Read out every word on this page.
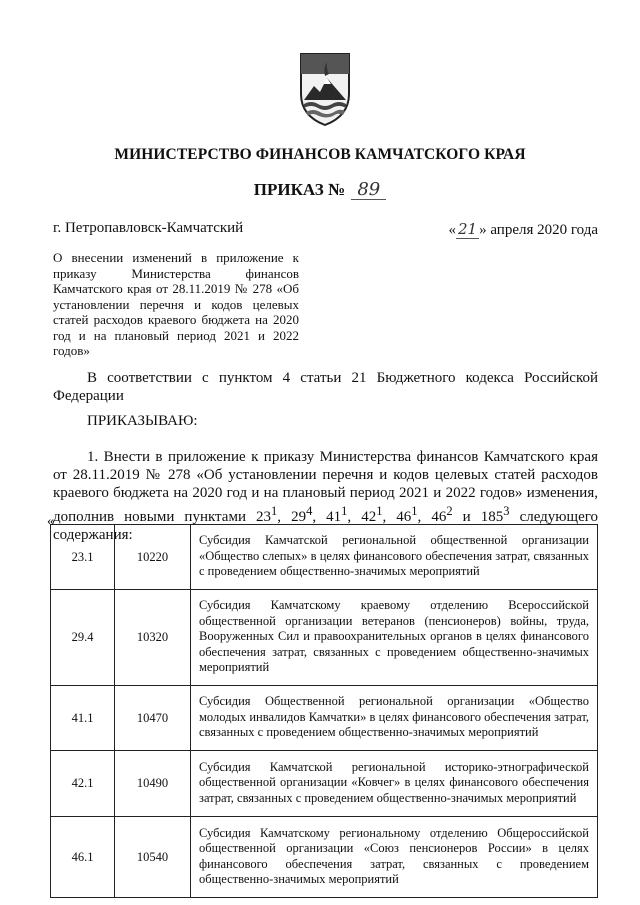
МИНИСТЕРСТВО ФИНАНСОВ КАМЧАТСКОГО КРАЯ
ПРИКАЗ № 89
г. Петропавловск-Камчатский	« 21 » апреля 2020 года
О внесении изменений в приложение к приказу Министерства финансов Камчатского края от 28.11.2019 № 278 «Об установлении перечня и кодов целевых статей расходов краевого бюджета на 2020 год и на плановый период 2021 и 2022 годов»
В соответствии с пунктом 4 статьи 21 Бюджетного кодекса Российской Федерации
ПРИКАЗЫВАЮ:
1. Внести в приложение к приказу Министерства финансов Камчатского края от 28.11.2019 № 278 «Об установлении перечня и кодов целевых статей расходов краевого бюджета на 2020 год и на плановый период 2021 и 2022 годов» изменения, дополнив новыми пунктами $23^1$, $29^4$, $41^1$, $42^1$, $46^1$, $46^2$ и $185^3$ следующего содержания:
«
23.1	10220	Субсидия Камчатской региональной общественной организации «Общество слепых» в целях финансового обеспечения затрат, связанных с проведением общественно-значимых мероприятий
29.4	10320	Субсидия Камчатскому краевому отделению Всероссийской общественной организации ветеранов (пенсионеров) войны, труда, Вооруженных Сил и правоохранительных органов в целях финансового обеспечения затрат, связанных с проведением общественно-значимых мероприятий
41.1	10470	Субсидия Общественной региональной организации «Общество молодых инвалидов Камчатки» в целях финансового обеспечения затрат, связанных с проведением общественно-значимых мероприятий
42.1	10490	Субсидия Камчатской региональной историко-этнографической общественной организации «Ковчег» в целях финансового обеспечения затрат, связанных с проведением общественно-значимых мероприятий
46.1	10540	Субсидия Камчатскому региональному отделению Общероссийской общественной организации «Союз пенсионеров России» в целях финансового обеспечения затрат, связанных с проведением общественно-значимых мероприятий
